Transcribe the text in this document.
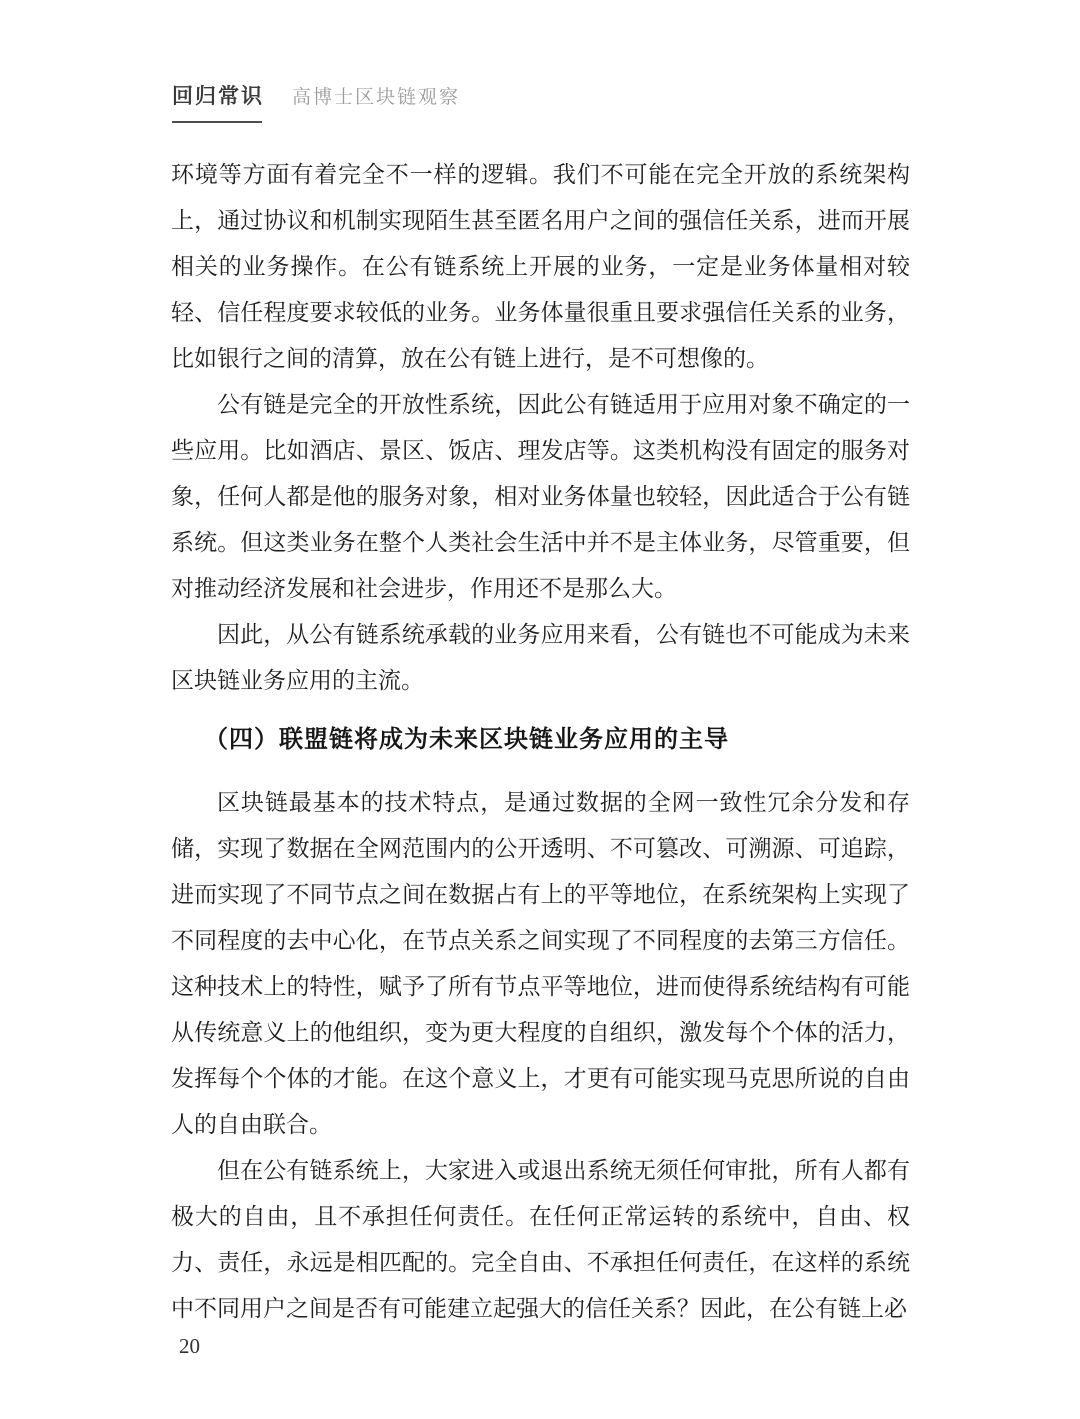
回归常识 高博士区块链观察

环境等方面有着完全不一样的逻辑。我们不可能在完全开放的系统架构上，通过协议和机制实现陌生甚至匿名用户之间的强信任关系，进而开展相关的业务操作。在公有链系统上开展的业务，一定是业务体量相对较轻、信任程度要求较低的业务。业务体量很重且要求强信任关系的业务，比如银行之间的清算，放在公有链上进行，是不可想像的。

公有链是完全的开放性系统，因此公有链适用于应用对象不确定的一些应用。比如酒店、景区、饭店、理发店等。这类机构没有固定的服务对象，任何人都是他的服务对象，相对业务体量也较轻，因此适合于公有链系统。但这类业务在整个人类社会生活中并不是主体业务，尽管重要，但对推动经济发展和社会进步，作用还不是那么大。

因此，从公有链系统承载的业务应用来看，公有链也不可能成为未来区块链业务应用的主流。

（四）联盟链将成为未来区块链业务应用的主导

区块链最基本的技术特点，是通过数据的全网一致性冗余分发和存储，实现了数据在全网范围内的公开透明、不可篡改、可溯源、可追踪，进而实现了不同节点之间在数据占有上的平等地位，在系统架构上实现了不同程度的去中心化，在节点关系之间实现了不同程度的去第三方信任。这种技术上的特性，赋予了所有节点平等地位，进而使得系统结构有可能从传统意义上的他组织，变为更大程度的自组织，激发每个个体的活力，发挥每个个体的才能。在这个意义上，才更有可能实现马克思所说的自由人的自由联合。

但在公有链系统上，大家进入或退出系统无须任何审批，所有人都有极大的自由，且不承担任何责任。在任何正常运转的系统中，自由、权力、责任，永远是相匹配的。完全自由、不承担任何责任，在这样的系统中不同用户之间是否有可能建立起强大的信任关系？因此，在公有链上必

20
